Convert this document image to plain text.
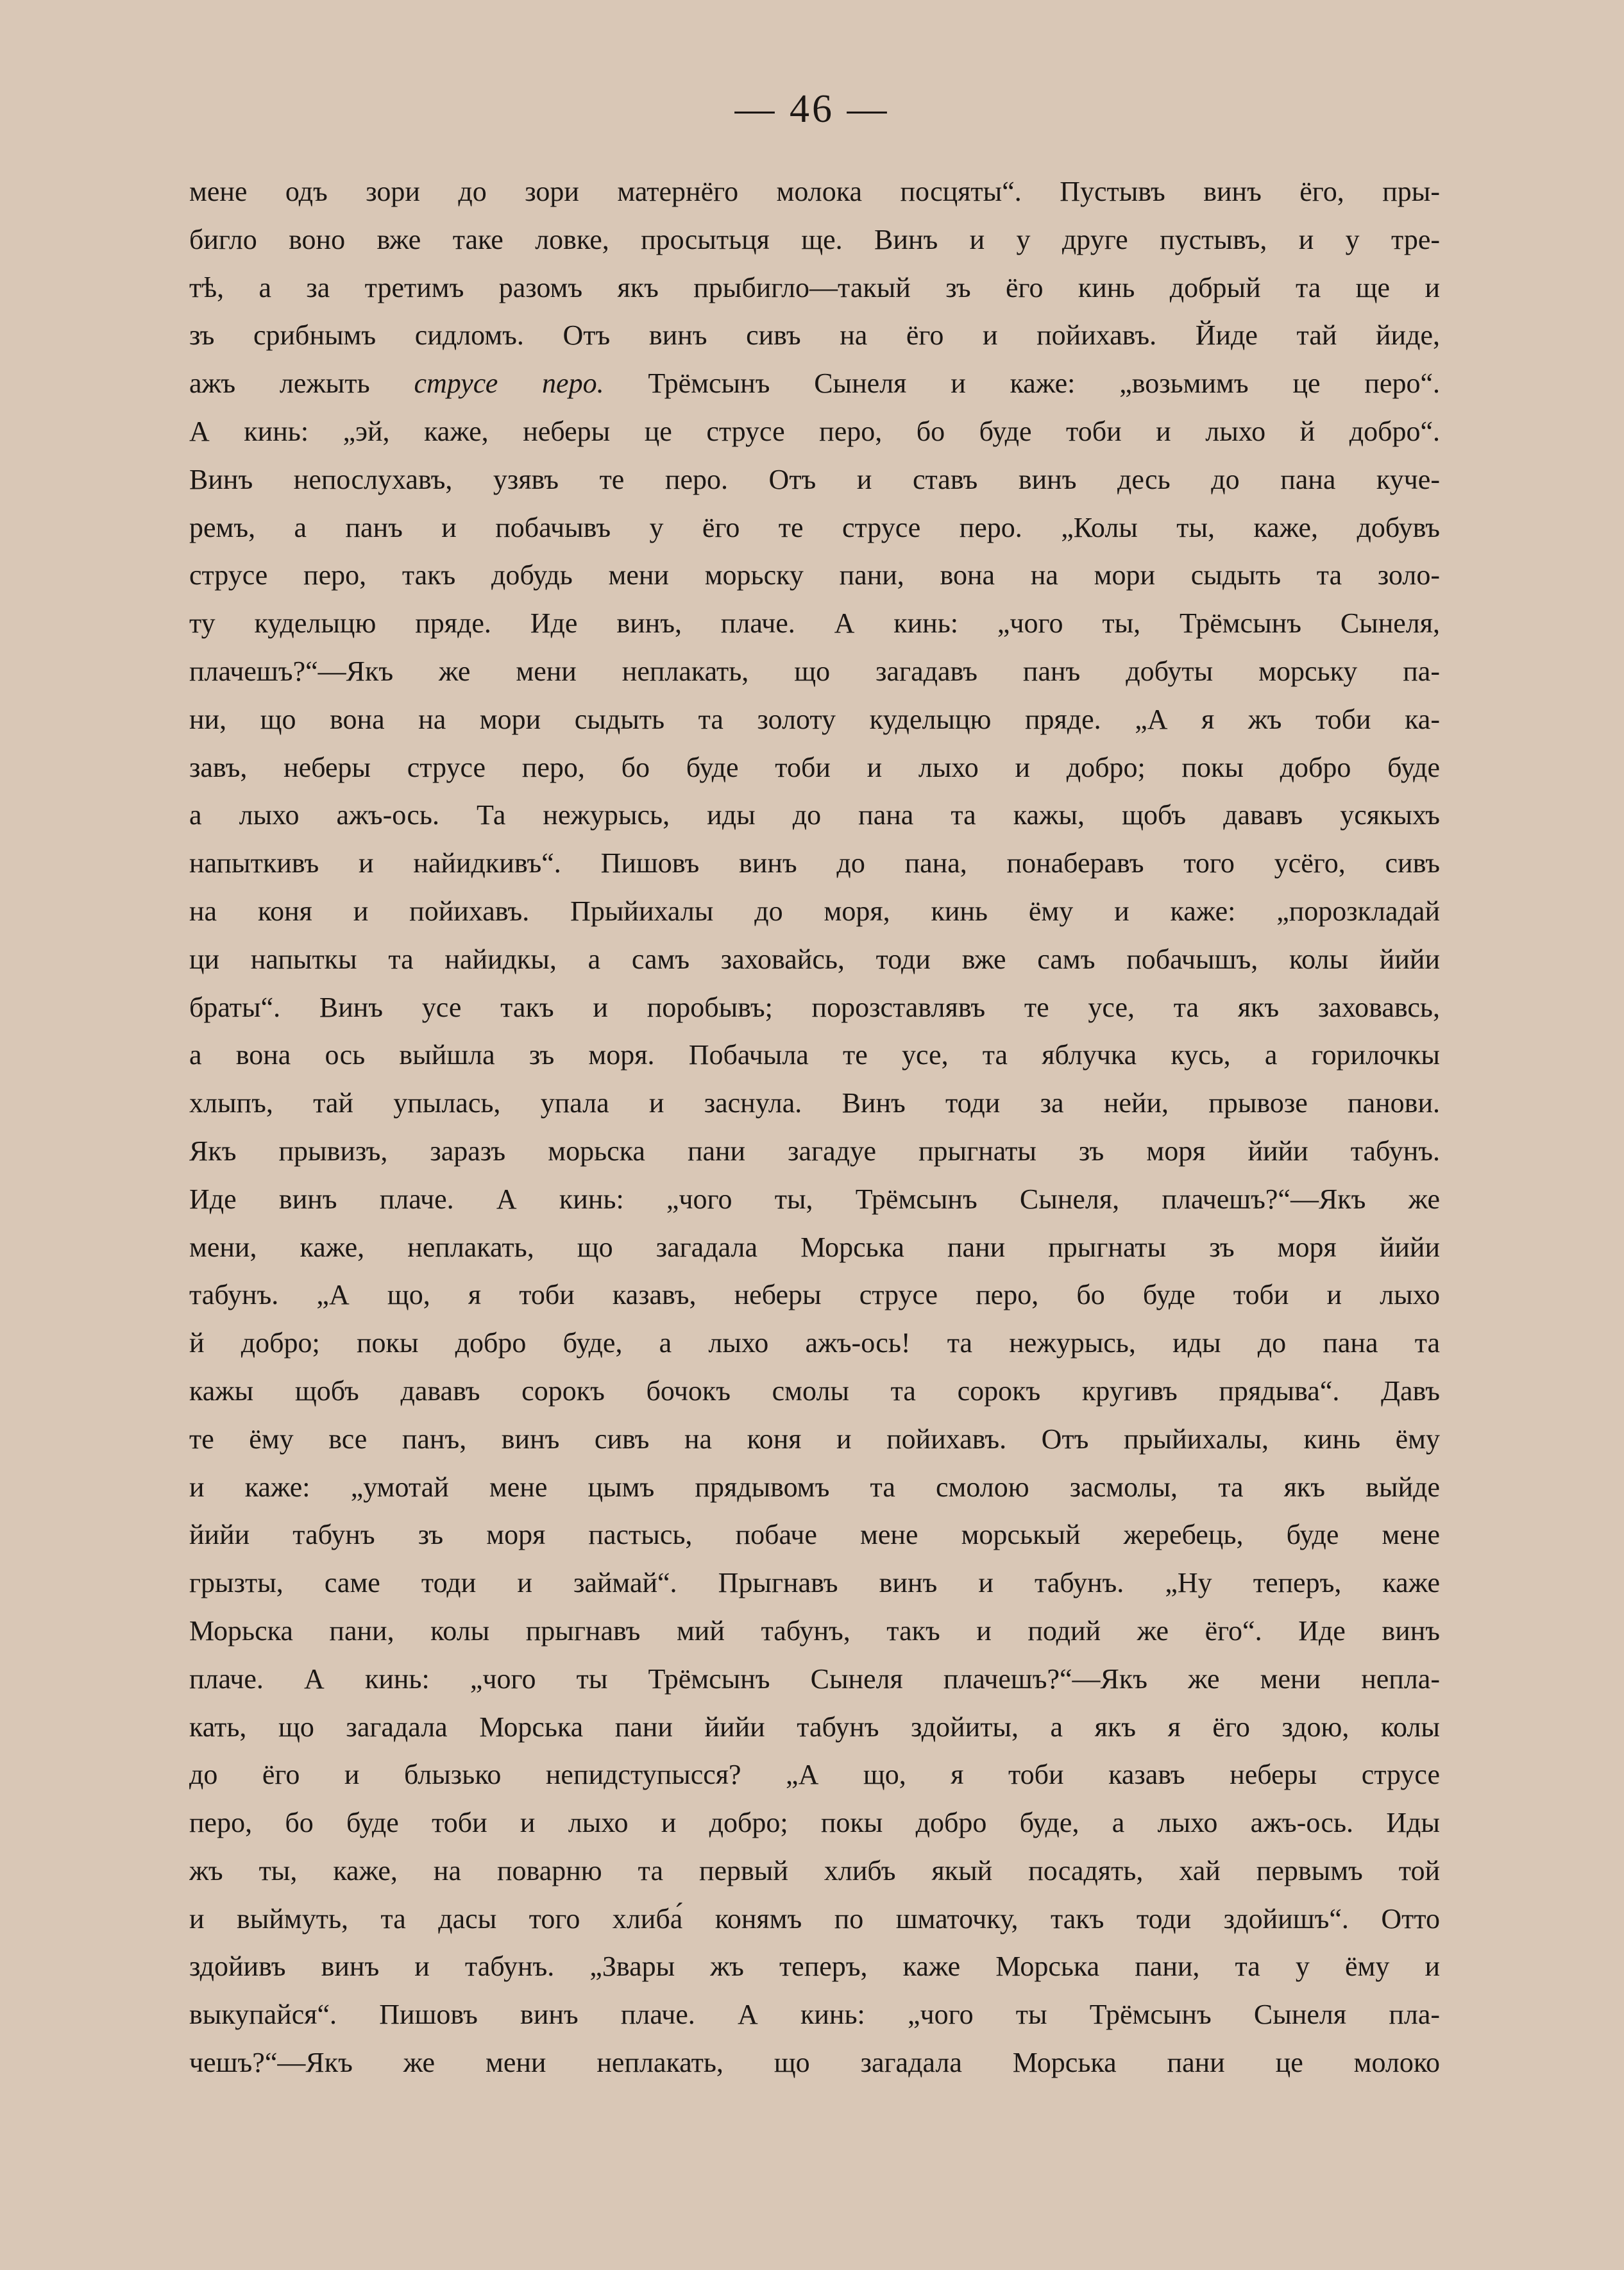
— 46 —
мене одъ зори до зори матернёго молока посцяты“. Пустывъ винъ ёго, пры-
бигло воно вже таке ловке, просытьця ще. Винъ и у друге пустывъ, и у тре-
тѣ, а за третимъ разомъ якъ прыбигло—такый зъ ёго кинь добрый та ще и
зъ срибнымъ сидломъ. Отъ винъ сивъ на ёго и пойихавъ. Йиде тай йиде,
ажъ лежыть струсе перо. Трёмсынъ Сынеля и каже: „возьмимъ це перо“.
А кинь: „эй, каже, неберы це струсе перо, бо буде тоби и лыхо й добро“.
Винъ непослухавъ, узявъ те перо. Отъ и ставъ винъ десь до пана куче-
ремъ, а панъ и побачывъ у ёго те струсе перо. „Колы ты, каже, добувъ
струсе перо, такъ добудь мени морьску пани, вона на мори сыдыть та золо-
ту куделыцю пряде. Иде винъ, плаче. А кинь: „чого ты, Трёмсынъ Сынеля,
плачешъ?“—Якъ же мени неплакать, що загадавъ панъ добуты морську па-
ни, що вона на мори сыдыть та золоту куделыцю пряде. „А я жъ тоби ка-
завъ, неберы струсе перо, бо буде тоби и лыхо и добро; покы добро буде
а лыхо ажъ-ось. Та нежурысь, иды до пана та кажы, щобъ дававъ усякыхъ
напыткивъ и найидкивъ“. Пишовъ винъ до пана, понаберавъ того усёго, сивъ
на коня и пойихавъ. Прыйихалы до моря, кинь ёму и каже: „порозкладай
ци напыткы та найидкы, а самъ заховайсь, тоди вже самъ побачышъ, колы йийи
браты“. Винъ усе такъ и поробывъ; порозставлявъ те усе, та якъ заховавсь,
а вона ось выйшла зъ моря. Побачыла те усе, та яблучка кусь, а горилочкы
хлыпъ, тай упылась, упала и заснула. Винъ тоди за нейи, прывозе панови.
Якъ прывизъ, заразъ морьска пани загадуе прыгнаты зъ моря йийи табунъ.
Иде винъ плаче. А кинь: „чого ты, Трёмсынъ Сынеля, плачешъ?“—Якъ же
мени, каже, неплакать, що загадала Морська пани прыгнаты зъ моря йийи
табунъ. „А що, я тоби казавъ, неберы струсе перо, бо буде тоби и лыхо
й добро; покы добро буде, а лыхо ажъ-ось! та нежурысь, иды до пана та
кажы щобъ дававъ сорокъ бочокъ смолы та сорокъ кругивъ прядыва“. Давъ
те ёму все панъ, винъ сивъ на коня и пойихавъ. Отъ прыйихалы, кинь ёму
и каже: „умотай мене цымъ прядывомъ та смолою засмолы, та якъ выйде
йийи табунъ зъ моря пастысь, побаче мене морськый жеребець, буде мене
грызты, саме тоди и займай“. Прыгнавъ винъ и табунъ. „Ну теперъ, каже
Морьска пани, колы прыгнавъ мий табунъ, такъ и подий же ёго“. Иде винъ
плаче. А кинь: „чого ты Трёмсынъ Сынеля плачешъ?“—Якъ же мени непла-
кать, що загадала Морська пани йийи табунъ здойиты, а якъ я ёго здою, колы
до ёго и блызько непидступысся? „А що, я тоби казавъ неберы струсе
перо, бо буде тоби и лыхо и добро; покы добро буде, а лыхо ажъ-ось. Иды
жъ ты, каже, на поварню та первый хлибъ якый посадять, хай первымъ той
и выймуть, та дасы того хлиба́ конямъ по шматочку, такъ тоди здойишъ“. Отто
здойивъ винъ и табунъ. „Звары жъ теперъ, каже Морська пани, та у ёму и
выкупайся“. Пишовъ винъ плаче. А кинь: „чого ты Трёмсынъ Сынеля пла-
чешъ?“—Якъ же мени неплакать, що загадала Морська пани це молоко
